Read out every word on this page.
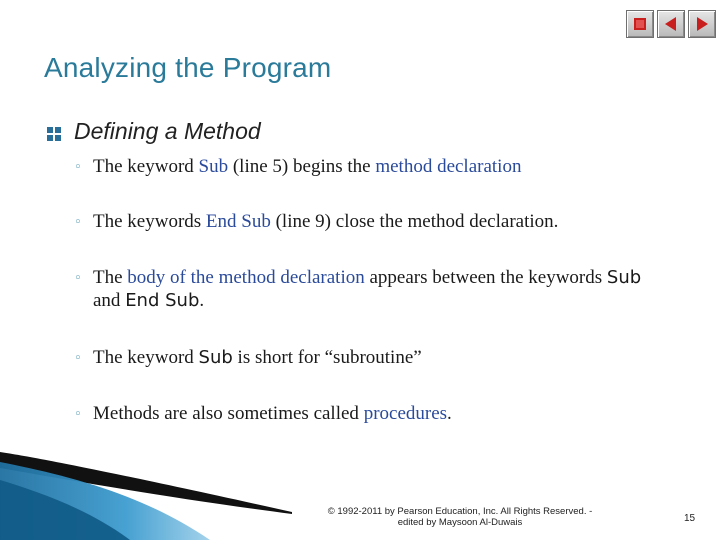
Analyzing the Program
Defining a Method
◦ The keyword Sub (line 5) begins the method declaration
◦ The keywords End Sub (line 9) close the method declaration.
◦ The body of the method declaration appears between the keywords Sub and End Sub.
◦ The keyword Sub is short for “subroutine”
◦ Methods are also sometimes called procedures.
© 1992-2011 by Pearson Education, Inc. All Rights Reserved. -
edited by Maysoon Al-Duwais	15
